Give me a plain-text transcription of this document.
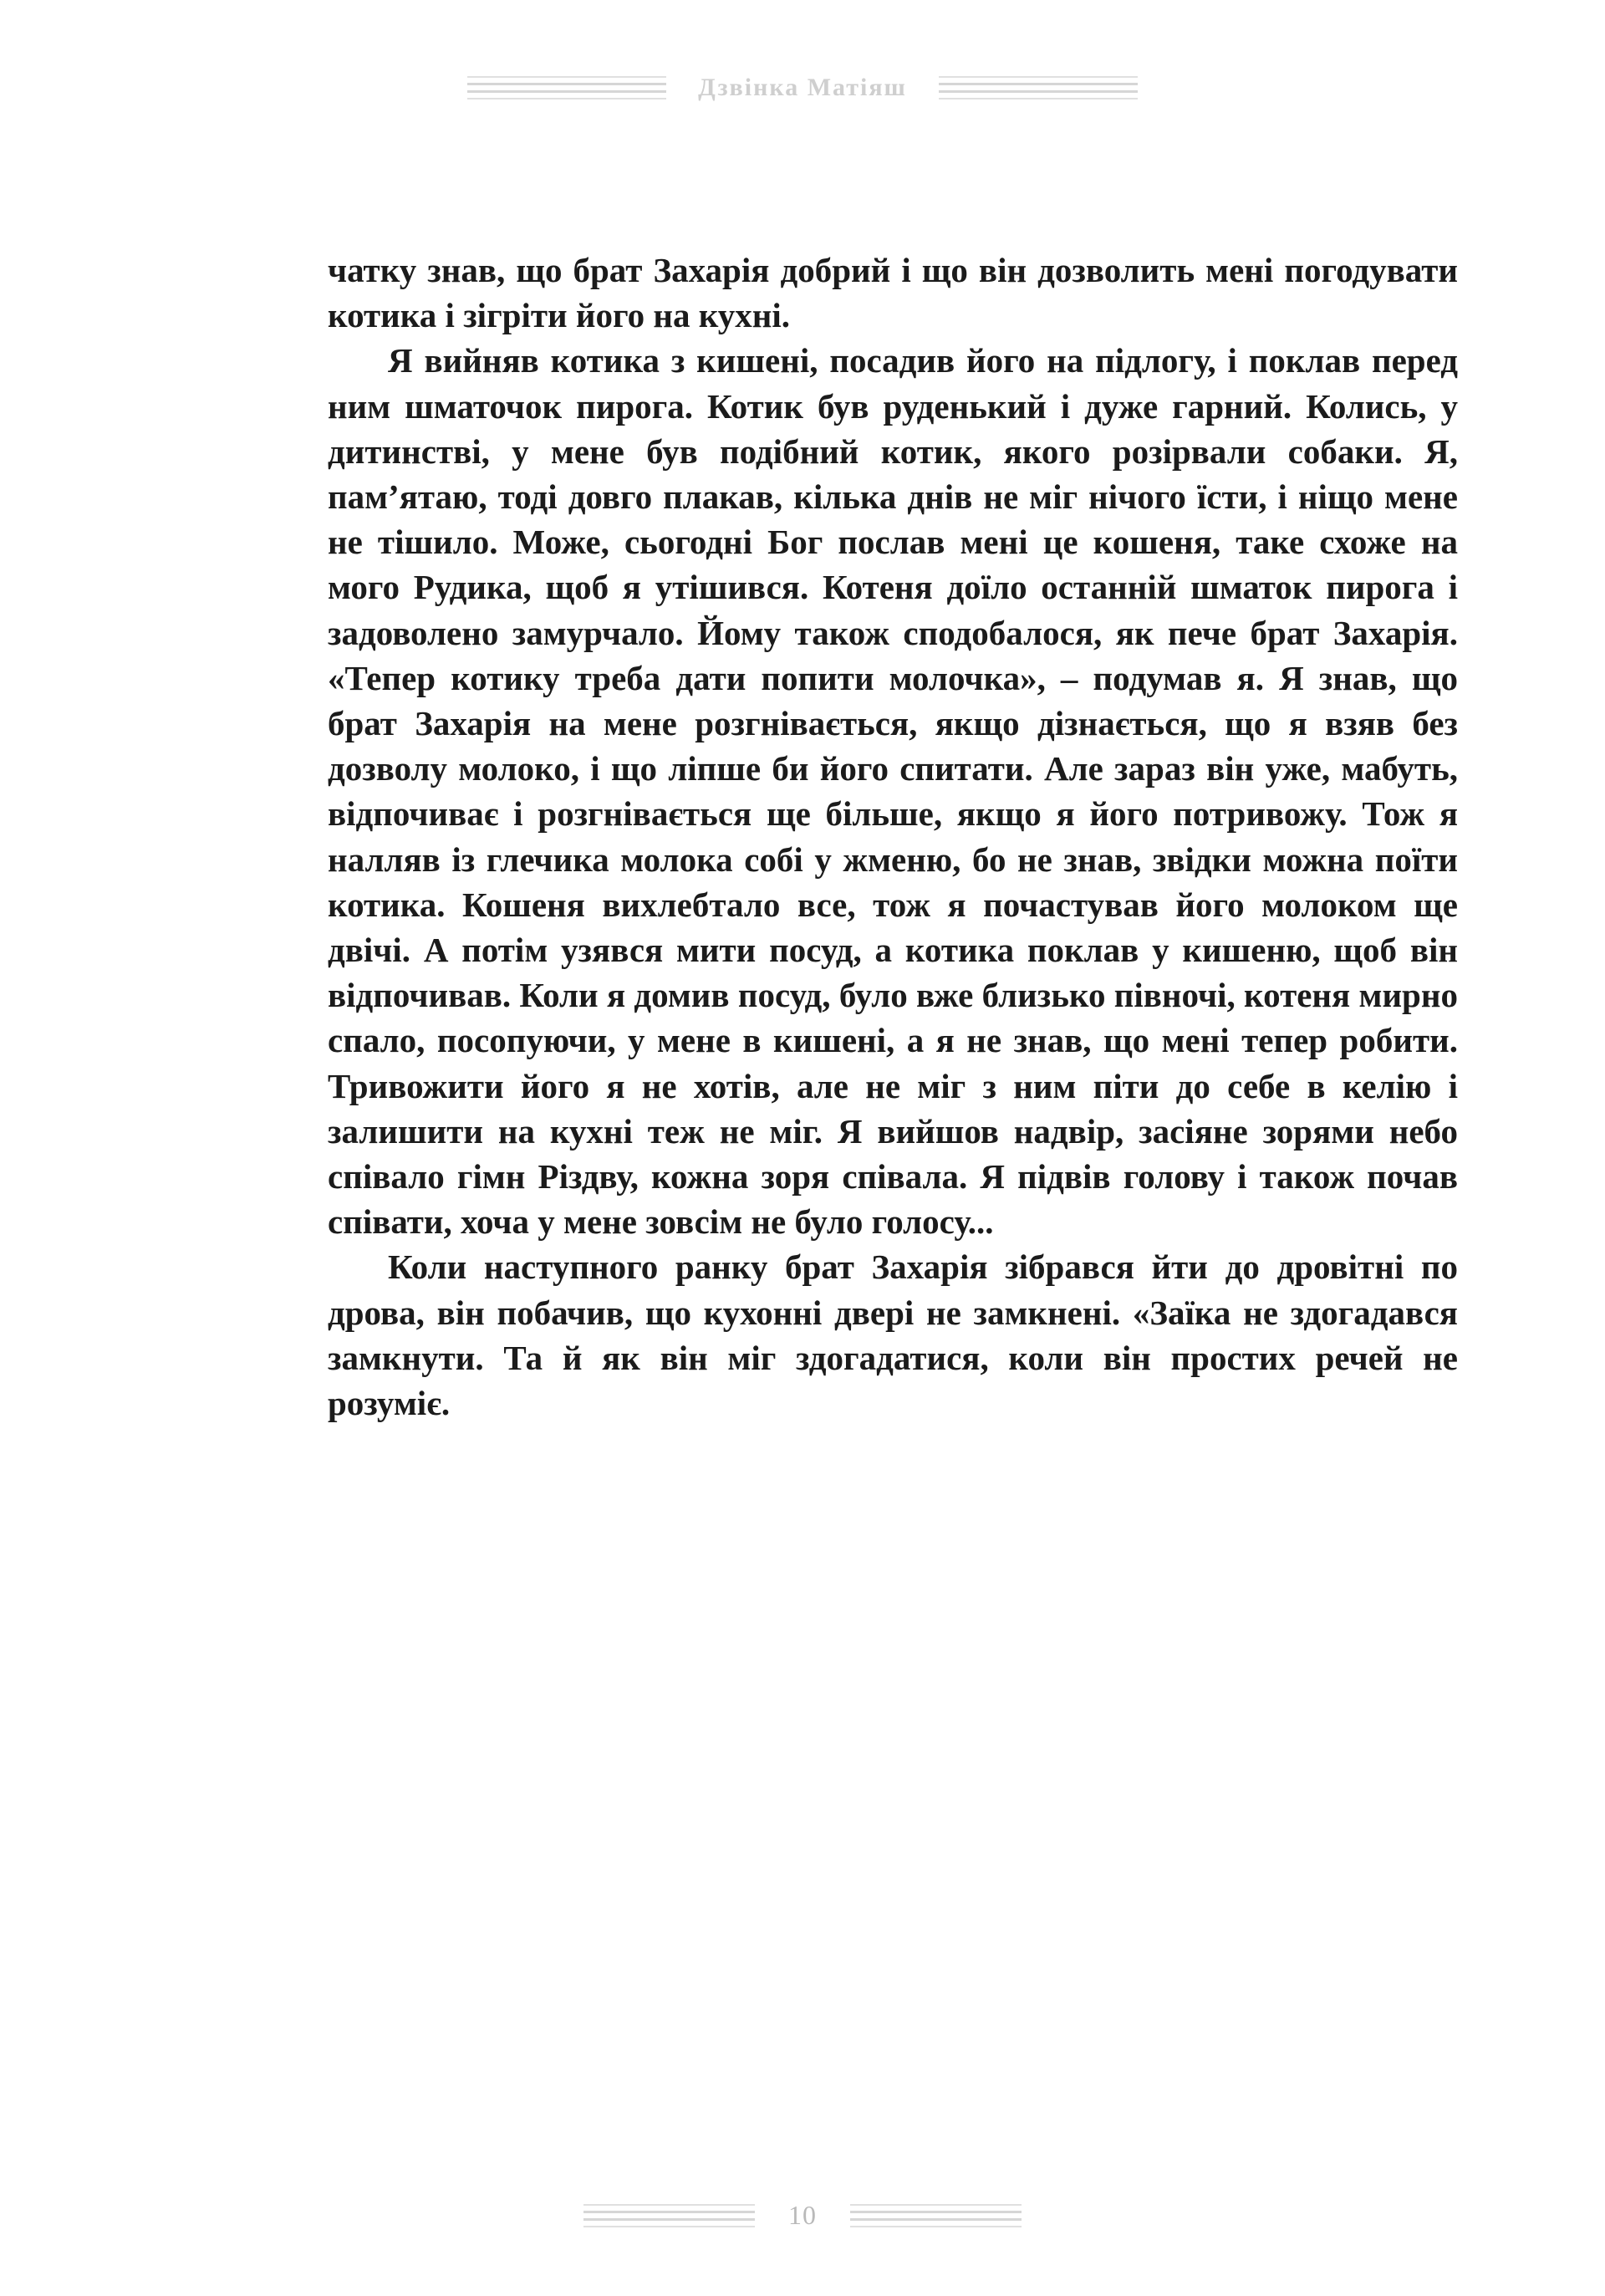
Дзвінка Матіяш

чатку знав, що брат Захарія добрий і що він дозволить мені погодувати котика і зігріти його на кухні.

Я вийняв котика з кишені, посадив його на підлогу, і поклав перед ним шматочок пирога. Котик був руденький і дуже гарний. Колись, у дитинстві, у мене був подібний котик, якого розірвали собаки. Я, пам’ятаю, тоді довго плакав, кілька днів не міг нічого їсти, і ніщо мене не тішило. Може, сьогодні Бог послав мені це кошеня, таке схоже на мого Рудика, щоб я утішився. Котеня доїло останній шматок пирога і задоволено замурчало. Йому також сподобалося, як пече брат Захарія. «Тепер котику треба дати попити молочка», – подумав я. Я знав, що брат Захарія на мене розгнівається, якщо дізнається, що я взяв без дозволу молоко, і що ліпше би його спитати. Але зараз він уже, мабуть, відпочиває і розгнівається ще більше, якщо я його потривожу. Тож я налляв із глечика молока собі у жменю, бо не знав, звідки можна поїти котика. Кошеня вихлебтало все, тож я почастував його молоком ще двічі. А потім узявся мити посуд, а котика поклав у кишеню, щоб він відпочивав. Коли я домив посуд, було вже близько півночі, котеня мирно спало, посопуючи, у мене в кишені, а я не знав, що мені тепер робити. Тривожити його я не хотів, але не міг з ним піти до себе в келію і залишити на кухні теж не міг. Я вийшов надвір, засіяне зорями небо співало гімн Різдву, кожна зоря співала. Я підвів голову і також почав співати, хоча у мене зовсім не було голосу...

Коли наступного ранку брат Захарія зібрався йти до дровітні по дрова, він побачив, що кухонні двері не замкнені. «Заїка не здогадався замкнути. Та й як він міг здогадатися, коли він простих речей не розуміє.

10
